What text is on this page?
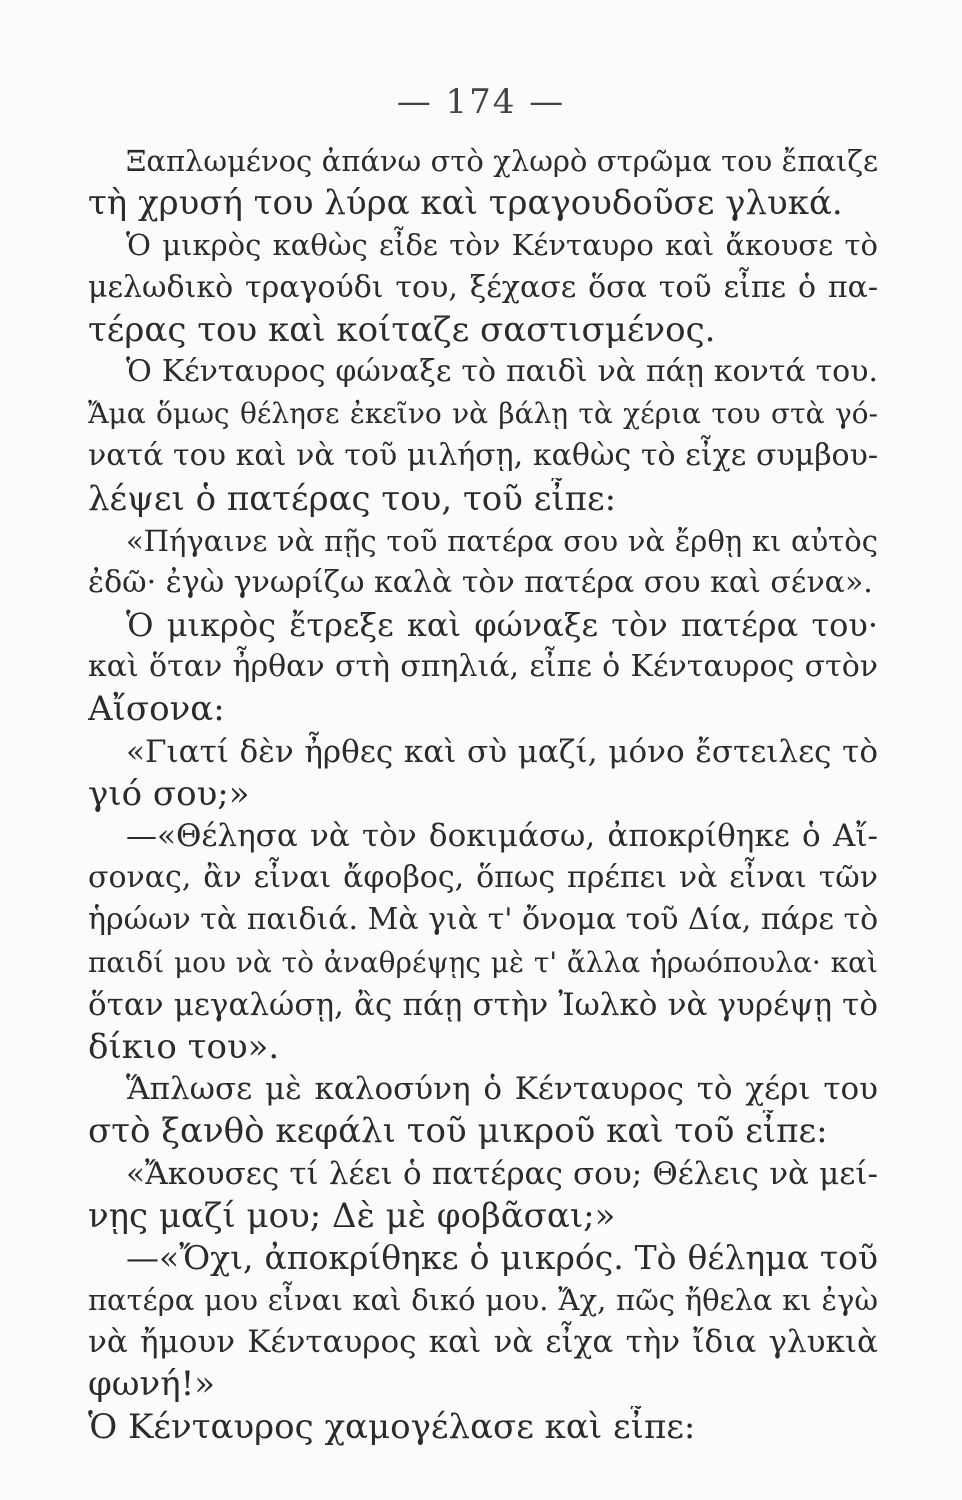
— 174 —
Ξαπλωμένος ἀπάνω στὸ χλωρὸ στρῶμα του ἔπαιζε
τὴ χρυσή του λύρα καὶ τραγουδοῦσε γλυκά.
Ὁ μικρὸς καθὼς εἶδε τὸν Κένταυρο καὶ ἄκουσε τὸ
μελωδικὸ τραγούδι του, ξέχασε ὅσα τοῦ εἶπε ὁ πα-
τέρας του καὶ κοίταζε σαστισμένος.
Ὁ Κένταυρος φώναξε τὸ παιδὶ νὰ πάῃ κοντά του.
Ἄμα ὅμως θέλησε ἐκεῖνο νὰ βάλῃ τὰ χέρια του στὰ γό-
νατά του καὶ νὰ τοῦ μιλήσῃ, καθὼς τὸ εἶχε συμβου-
λέψει ὁ πατέρας του, τοῦ εἶπε:
«Πήγαινε νὰ πῇς τοῦ πατέρα σου νὰ ἔρθῃ κι αὐτὸς
ἐδῶ· ἐγὼ γνωρίζω καλὰ τὸν πατέρα σου καὶ σένα».
Ὁ μικρὸς ἔτρεξε καὶ φώναξε τὸν πατέρα του·
καὶ ὅταν ἦρθαν στὴ σπηλιά, εἶπε ὁ Κένταυρος στὸν
Αἴσονα:
«Γιατί δὲν ἦρθες καὶ σὺ μαζί, μόνο ἔστειλες τὸ
γιό σου;»
—«Θέλησα νὰ τὸν δοκιμάσω, ἀποκρίθηκε ὁ Αἴ-
σονας, ἂν εἶναι ἄφοβος, ὅπως πρέπει νὰ εἶναι τῶν
ἡρώων τὰ παιδιά. Μὰ γιὰ τ' ὄνομα τοῦ Δία, πάρε τὸ
παιδί μου νὰ τὸ ἀναθρέψῃς μὲ τ' ἄλλα ἡρωόπουλα· καὶ
ὅταν μεγαλώσῃ, ἂς πάῃ στὴν Ἰωλκὸ νὰ γυρέψῃ τὸ
δίκιο του».
Ἅπλωσε μὲ καλοσύνη ὁ Κένταυρος τὸ χέρι του
στὸ ξανθὸ κεφάλι τοῦ μικροῦ καὶ τοῦ εἶπε:
«Ἄκουσες τί λέει ὁ πατέρας σου; Θέλεις νὰ μεί-
νῃς μαζί μου; Δὲ μὲ φοβᾶσαι;»
—«Ὄχι, ἀποκρίθηκε ὁ μικρός. Τὸ θέλημα τοῦ
πατέρα μου εἶναι καὶ δικό μου. Ἄχ, πῶς ἤθελα κι ἐγὼ
νὰ ἤμουν Κένταυρος καὶ νὰ εἶχα τὴν ἴδια γλυκιὰ
φωνή!»
Ὁ Κένταυρος χαμογέλασε καὶ εἶπε:
